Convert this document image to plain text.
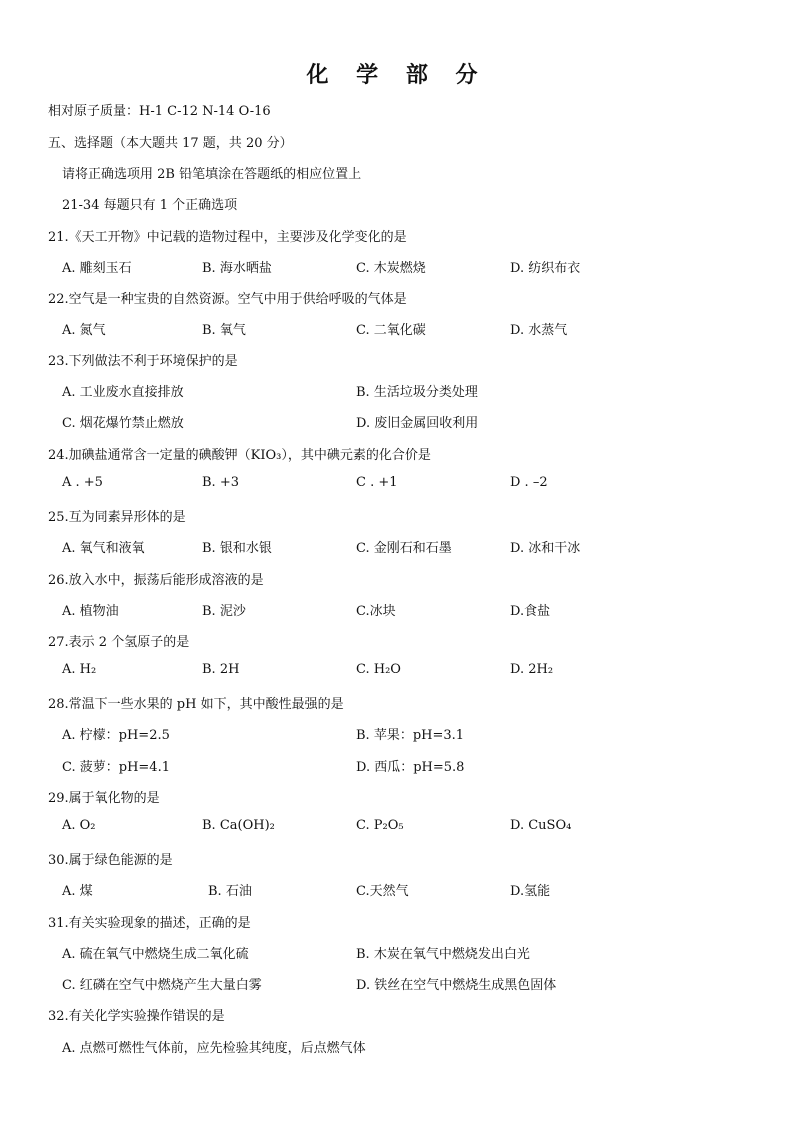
化 学 部 分
相对原子质量：H-1 C-12 N-14 O-16
五、选择题（本大题共 17 题，共 20 分）
请将正确选项用 2B 铅笔填涂在答题纸的相应位置上
21-34 每题只有 1 个正确选项
21.《天工开物》中记载的造物过程中，主要涉及化学变化的是
A. 雕刻玉石	B. 海水晒盐	C. 木炭燃烧	D. 纺织布衣
22.空气是一种宝贵的自然资源。空气中用于供给呼吸的气体是
A. 氮气	B. 氧气	C. 二氧化碳	D. 水蒸气
23.下列做法不利于环境保护的是
A. 工业废水直接排放	B. 生活垃圾分类处理
C. 烟花爆竹禁止燃放	D. 废旧金属回收利用
24.加碘盐通常含一定量的碘酸钾（KIO₃），其中碘元素的化合价是
A . +5	B. +3	C . +1	D . –2
25.互为同素异形体的是
A. 氧气和液氧	B. 银和水银	C. 金刚石和石墨	D. 冰和干冰
26.放入水中，振荡后能形成溶液的是
A. 植物油	B. 泥沙	C.冰块	D.食盐
27.表示 2 个氢原子的是
A. H₂	B. 2H	C. H₂O	D. 2H₂
28.常温下一些水果的 pH 如下，其中酸性最强的是
A. 柠檬：pH=2.5	B. 苹果：pH=3.1
C. 菠萝：pH=4.1	D. 西瓜：pH=5.8
29.属于氧化物的是
A. O₂	B. Ca(OH)₂	C. P₂O₅	D. CuSO₄
30.属于绿色能源的是
A. 煤	B. 石油	C.天然气	D.氢能
31.有关实验现象的描述，正确的是
A. 硫在氧气中燃烧生成二氧化硫	B. 木炭在氧气中燃烧发出白光
C. 红磷在空气中燃烧产生大量白雾	D. 铁丝在空气中燃烧生成黑色固体
32.有关化学实验操作错误的是
A. 点燃可燃性气体前，应先检验其纯度，后点燃气体
